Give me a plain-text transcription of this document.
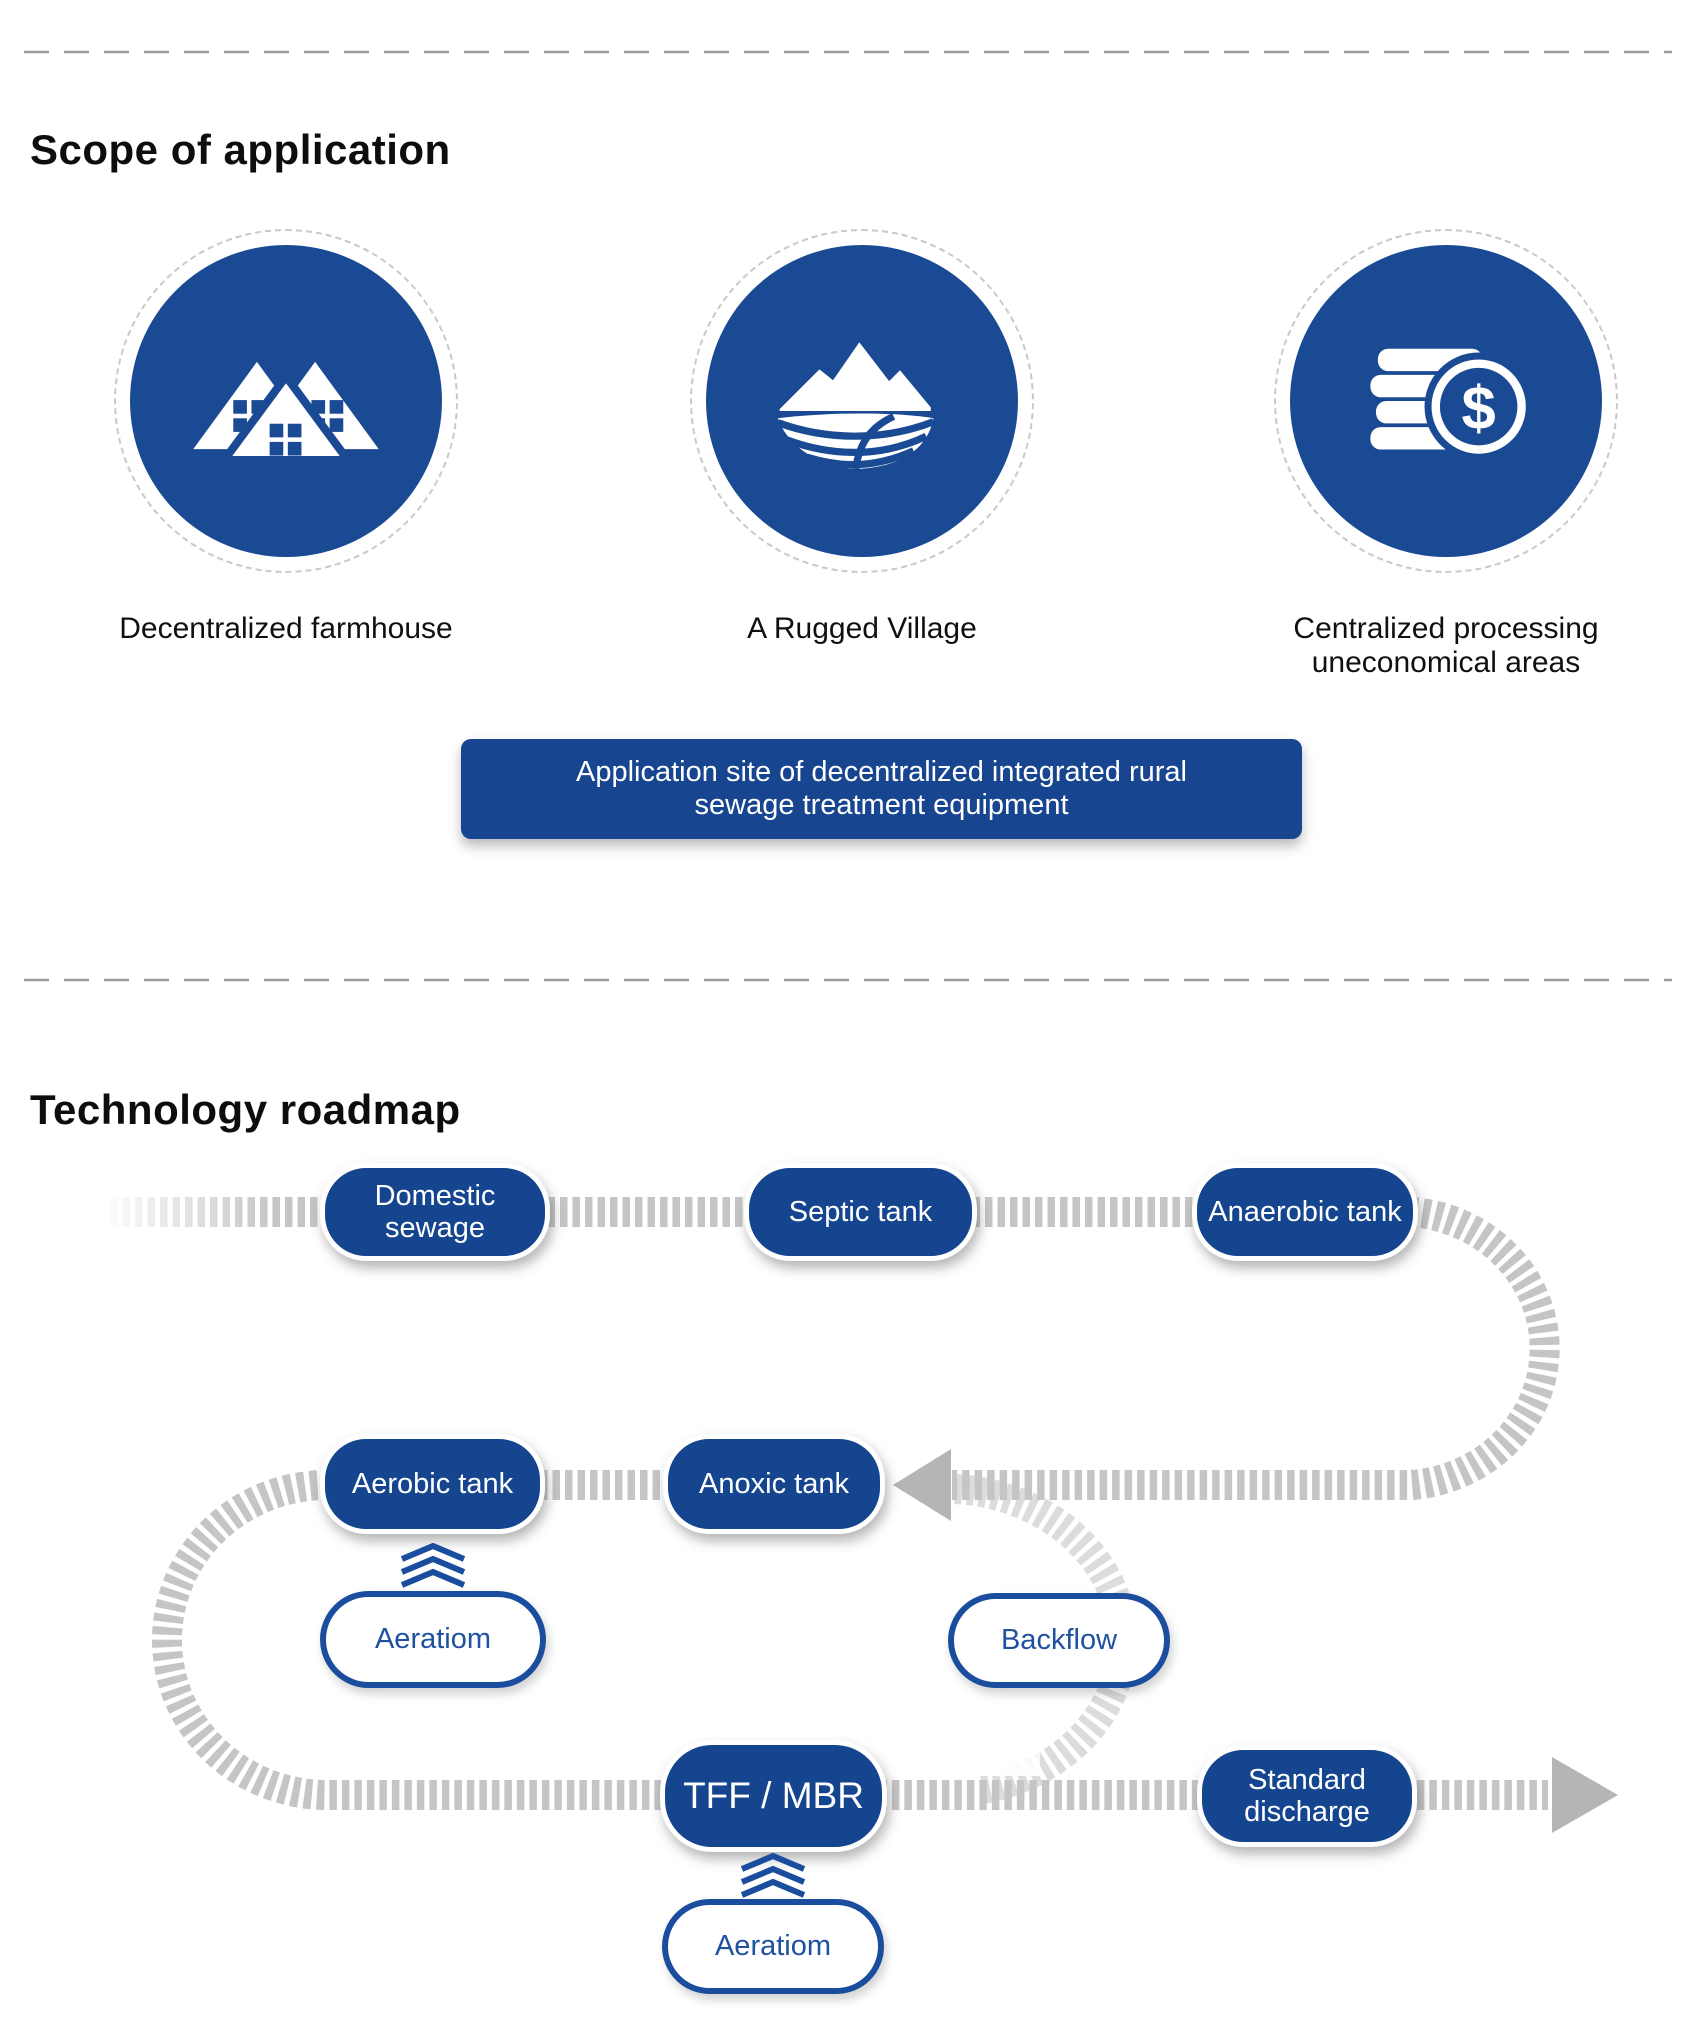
Scope of application
$
Decentralized farmhouse	A Rugged Village	Centralized processing uneconomical areas
Application site of decentralized integrated rural sewage treatment equipment
Technology roadmap
Domestic sewage	Septic tank	Anaerobic tank
Aerobic tank	Anoxic tank
Aeratiom	Backflow
TFF / MBR	Standard discharge
Aeratiom
